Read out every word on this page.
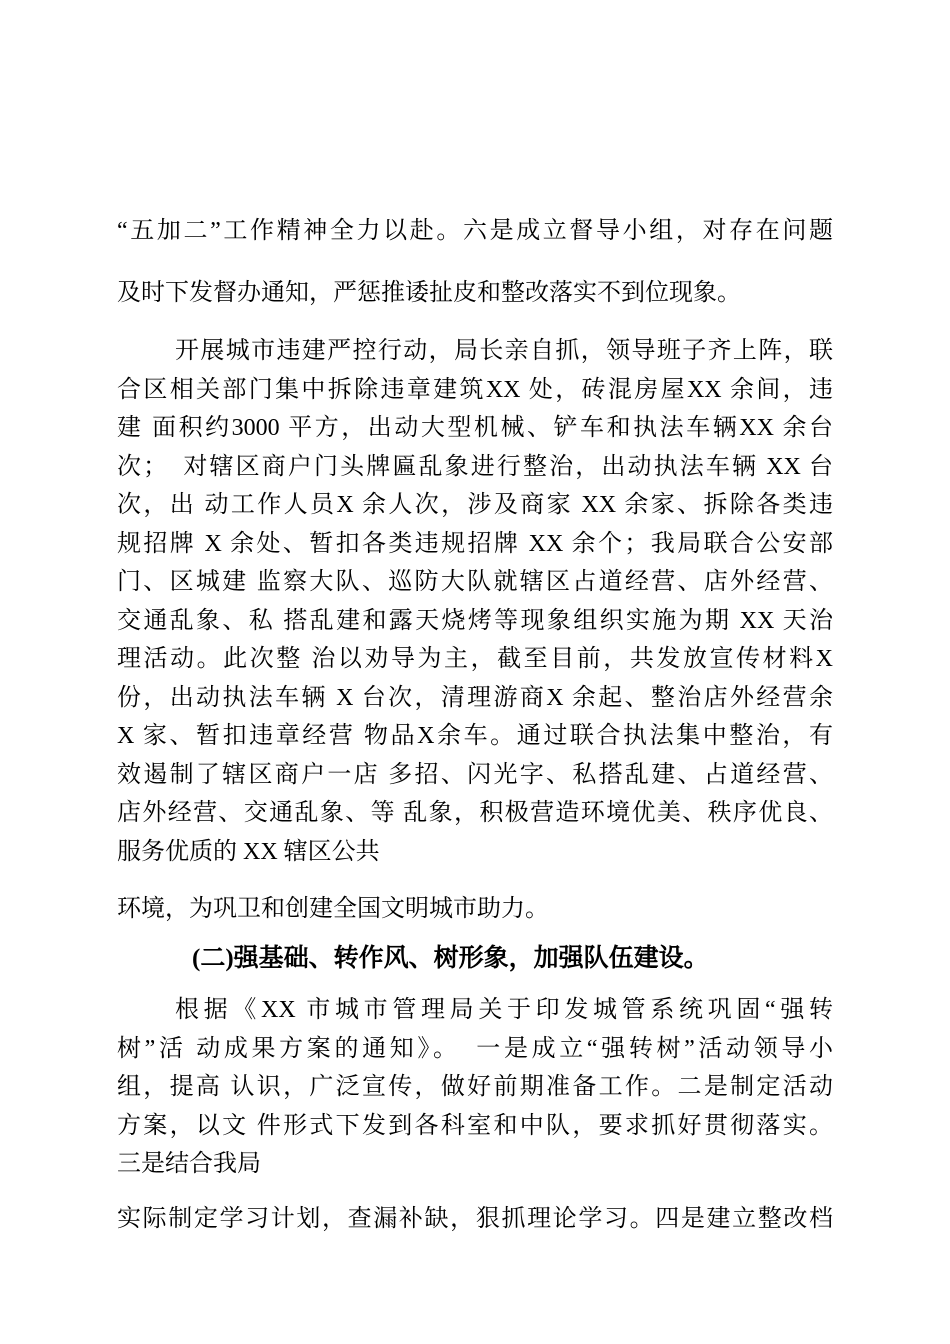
“五加二”工作精神全力以赴。六是成立督导小组，对存在问题
及时下发督办通知，严惩推诿扯皮和整改落实不到位现象。
开展城市违建严控行动，局长亲自抓，领导班子齐上阵，联
合区相关部门集中拆除违章建筑XX 处，砖混房屋XX 余间，违
建 面积约3000 平方，出动大型机械、铲车和执法车辆XX 余台
次；　对辖区商户门头牌匾乱象进行整治，出动执法车辆 XX 台
次，出 动工作人员X 余人次，涉及商家 XX 余家、拆除各类违
规招牌 X 余处、暂扣各类违规招牌 XX 余个；我局联合公安部
门、区城建 监察大队、巡防大队就辖区占道经营、店外经营、
交通乱象、私 搭乱建和露天烧烤等现象组织实施为期 XX 天治
理活动。此次整 治以劝导为主，截至目前，共发放宣传材料X
份，出动执法车辆 X 台次，清理游商X 余起、整治店外经营余
X 家、暂扣违章经营 物品X余车。通过联合执法集中整治，有
效遏制了辖区商户一店 多招、闪光字、私搭乱建、占道经营、
店外经营、交通乱象、等 乱象，积极营造环境优美、秩序优良、
服务优质的 XX 辖区公共
环境，为巩卫和创建全国文明城市助力。
(二)强基础、转作风、树形象，加强队伍建设。
根据《XX 市城市管理局关于印发城管系统巩固“强转
树”活 动成果方案的通知》。　一是成立“强转树”活动领导小
组，提高 认识，广泛宣传，做好前期准备工作。二是制定活动
方案，以文 件形式下发到各科室和中队，要求抓好贯彻落实。
三是结合我局
实际制定学习计划，查漏补缺，狠抓理论学习。四是建立整改档
